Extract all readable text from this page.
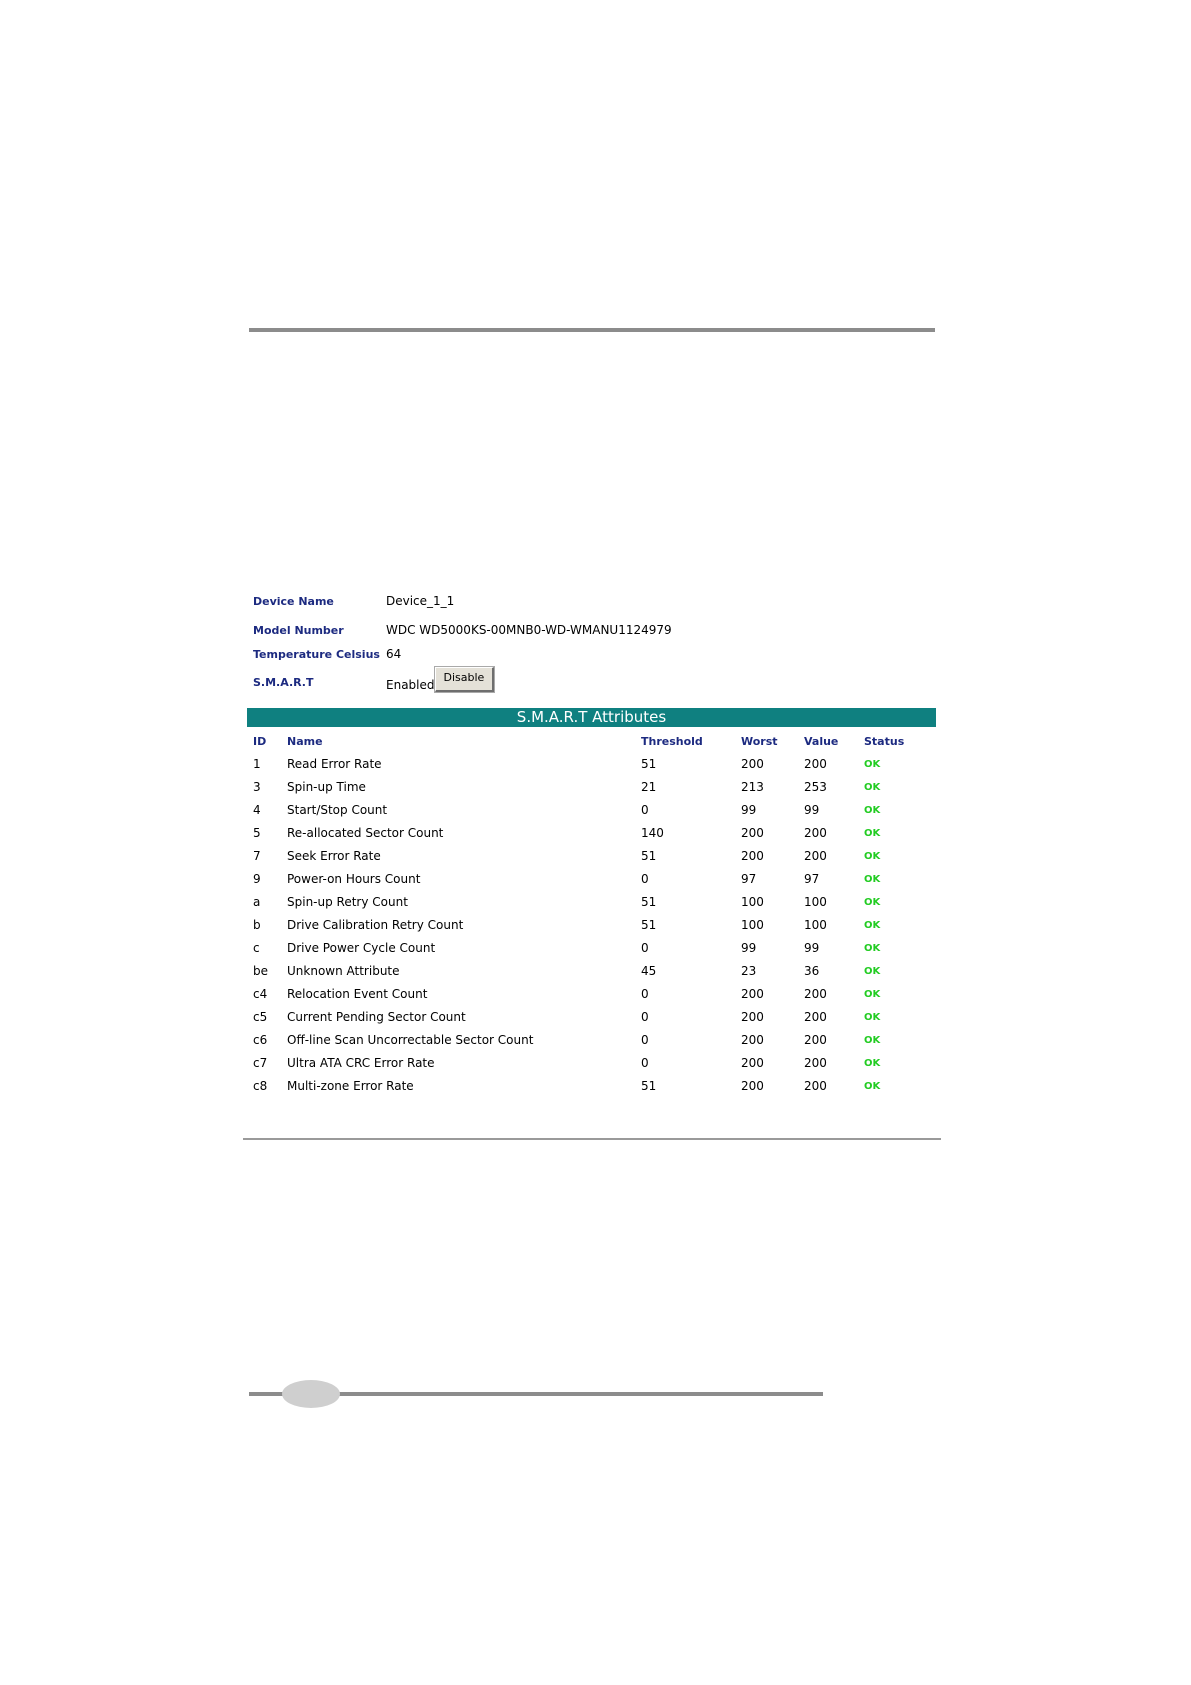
Device Name	Device_1_1
Model Number	WDC WD5000KS-00MNB0-WD-WMANU1124979
Temperature Celsius 64
S.M.A.R.T	Enabled
Disable
S.M.A.R.T Attributes
ID Name	Threshold	Worst Value Status
1 Read Error Rate	51	200	200	OK
3 Spin-up Time	21	213	253	OK
4 Start/Stop Count	0	99	99	OK
5 Re-allocated Sector Count	140	200	200	OK
7 Seek Error Rate	51	200	200	OK
9 Power-on Hours Count	0	97	97	OK
a Spin-up Retry Count	51	100	100	OK
b Drive Calibration Retry Count	51	100	100	OK
c Drive Power Cycle Count	0	99	99	OK
be Unknown Attribute	45	23	36	OK
c4 Relocation Event Count	0	200	200	OK
c5 Current Pending Sector Count	0	200	200	OK
c6 Off-line Scan Uncorrectable Sector Count	0	200	200	OK
c7 Ultra ATA CRC Error Rate	0	200	200	OK
c8 Multi-zone Error Rate	51	200	200	OK
